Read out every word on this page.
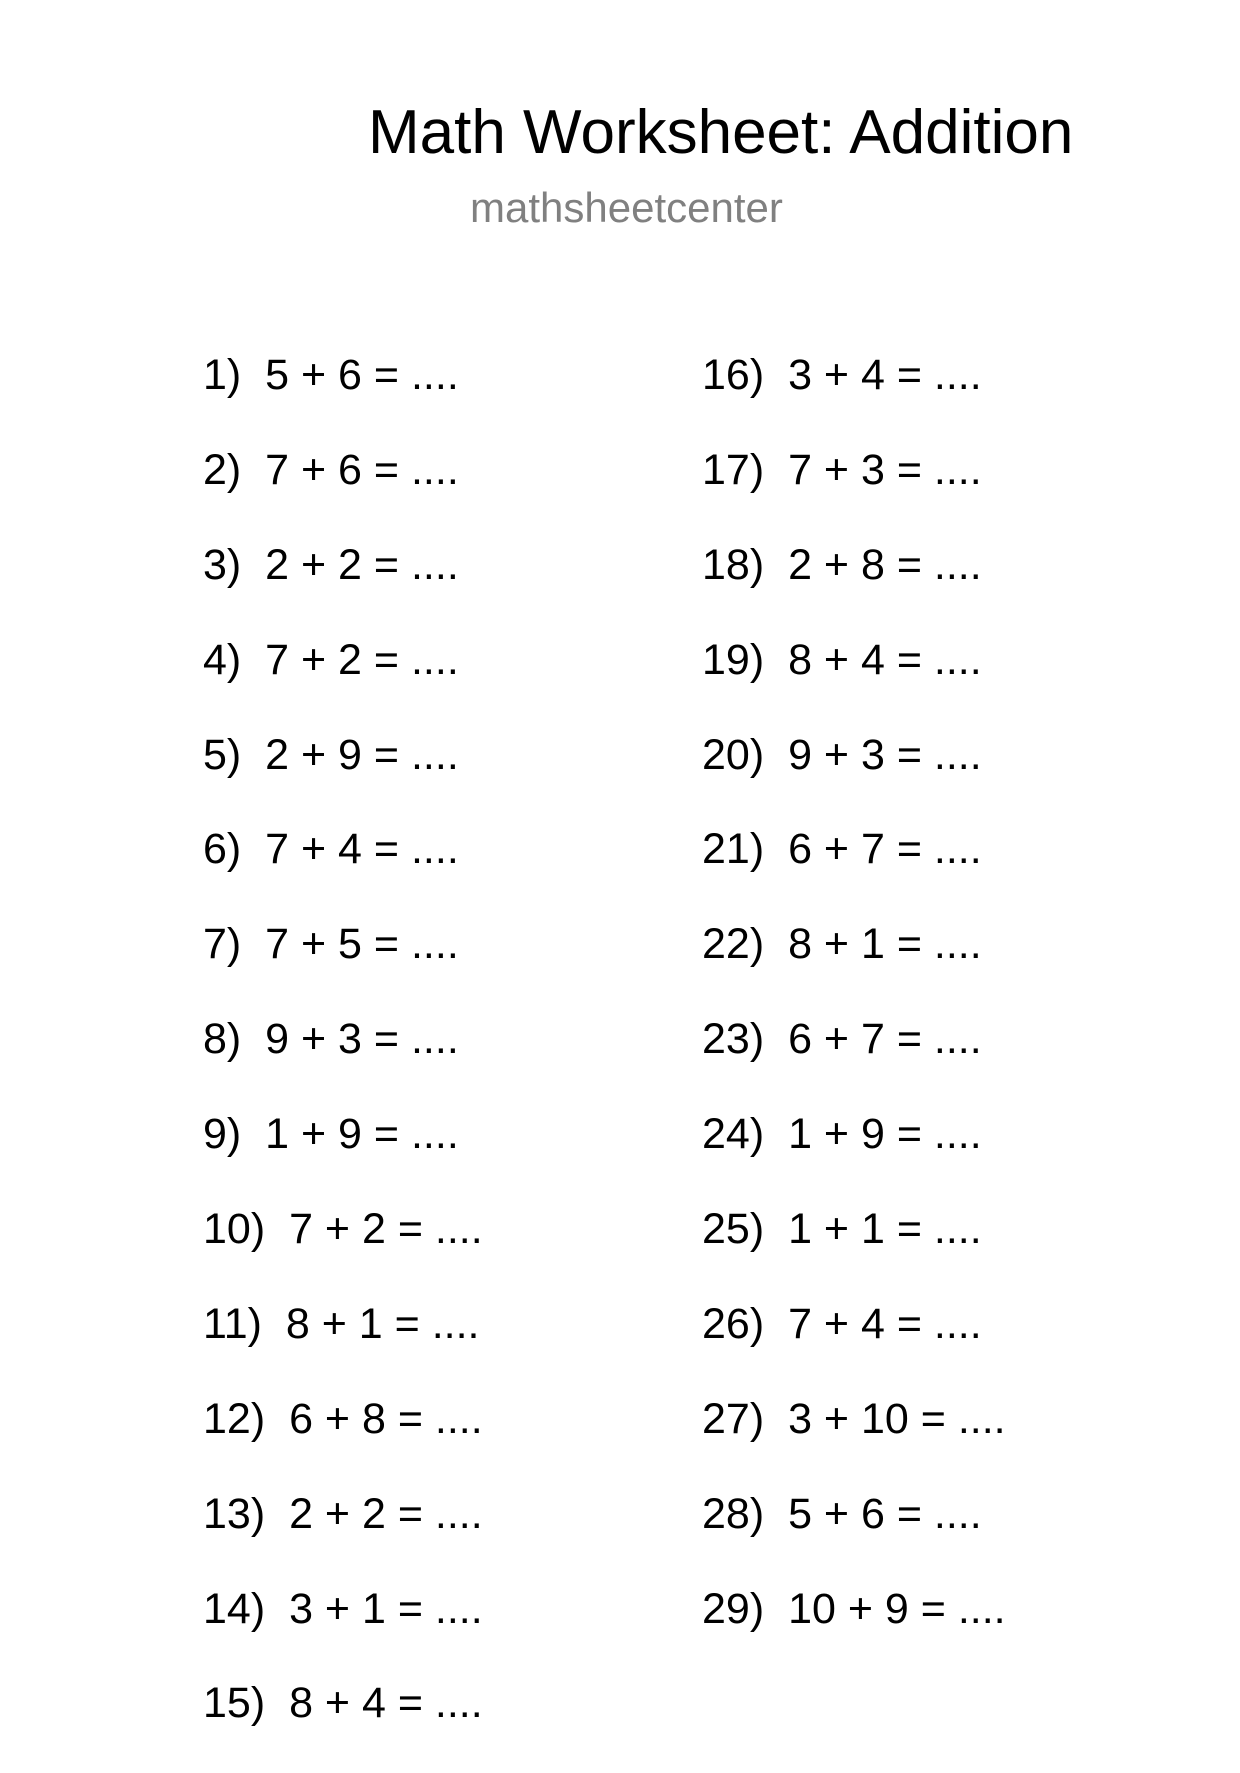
Math Worksheet: Addition
mathsheetcenter
1) 5 + 6 = ....
2) 7 + 6 = ....
3) 2 + 2 = ....
4) 7 + 2 = ....
5) 2 + 9 = ....
6) 7 + 4 = ....
7) 7 + 5 = ....
8) 9 + 3 = ....
9) 1 + 9 = ....
10) 7 + 2 = ....
11) 8 + 1 = ....
12) 6 + 8 = ....
13) 2 + 2 = ....
14) 3 + 1 = ....
15) 8 + 4 = ....
16) 3 + 4 = ....
17) 7 + 3 = ....
18) 2 + 8 = ....
19) 8 + 4 = ....
20) 9 + 3 = ....
21) 6 + 7 = ....
22) 8 + 1 = ....
23) 6 + 7 = ....
24) 1 + 9 = ....
25) 1 + 1 = ....
26) 7 + 4 = ....
27) 3 + 10 = ....
28) 5 + 6 = ....
29) 10 + 9 = ....
